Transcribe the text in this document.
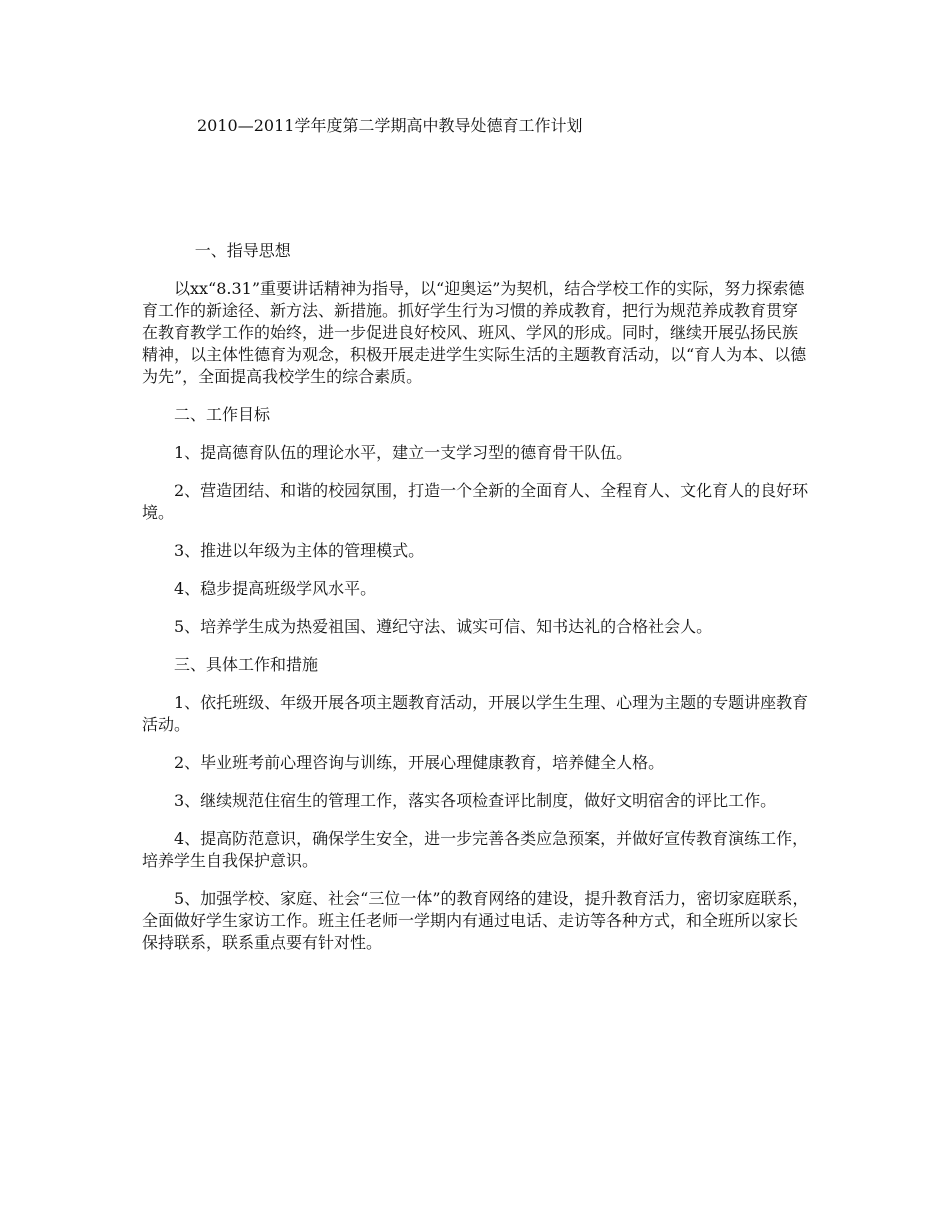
2010—2011学年度第二学期高中教导处德育工作计划

一、指导思想

以xx“8.31”重要讲话精神为指导，以“迎奥运”为契机，结合学校工作的实际，努力探索德育工作的新途径、新方法、新措施。抓好学生行为习惯的养成教育，把行为规范养成教育贯穿在教育教学工作的始终，进一步促进良好校风、班风、学风的形成。同时，继续开展弘扬民族精神，以主体性德育为观念，积极开展走进学生实际生活的主题教育活动，以“育人为本、以德为先”，全面提高我校学生的综合素质。

二、工作目标

1、提高德育队伍的理论水平，建立一支学习型的德育骨干队伍。

2、营造团结、和谐的校园氛围，打造一个全新的全面育人、全程育人、文化育人的良好环境。

3、推进以年级为主体的管理模式。

4、稳步提高班级学风水平。

5、培养学生成为热爱祖国、遵纪守法、诚实可信、知书达礼的合格社会人。

三、具体工作和措施

1、依托班级、年级开展各项主题教育活动，开展以学生生理、心理为主题的专题讲座教育活动。

2、毕业班考前心理咨询与训练，开展心理健康教育，培养健全人格。

3、继续规范住宿生的管理工作，落实各项检查评比制度，做好文明宿舍的评比工作。

4、提高防范意识，确保学生安全，进一步完善各类应急预案，并做好宣传教育演练工作，培养学生自我保护意识。

5、加强学校、家庭、社会“三位一体”的教育网络的建设，提升教育活力，密切家庭联系，全面做好学生家访工作。班主任老师一学期内有通过电话、走访等各种方式，和全班所以家长保持联系，联系重点要有针对性。
